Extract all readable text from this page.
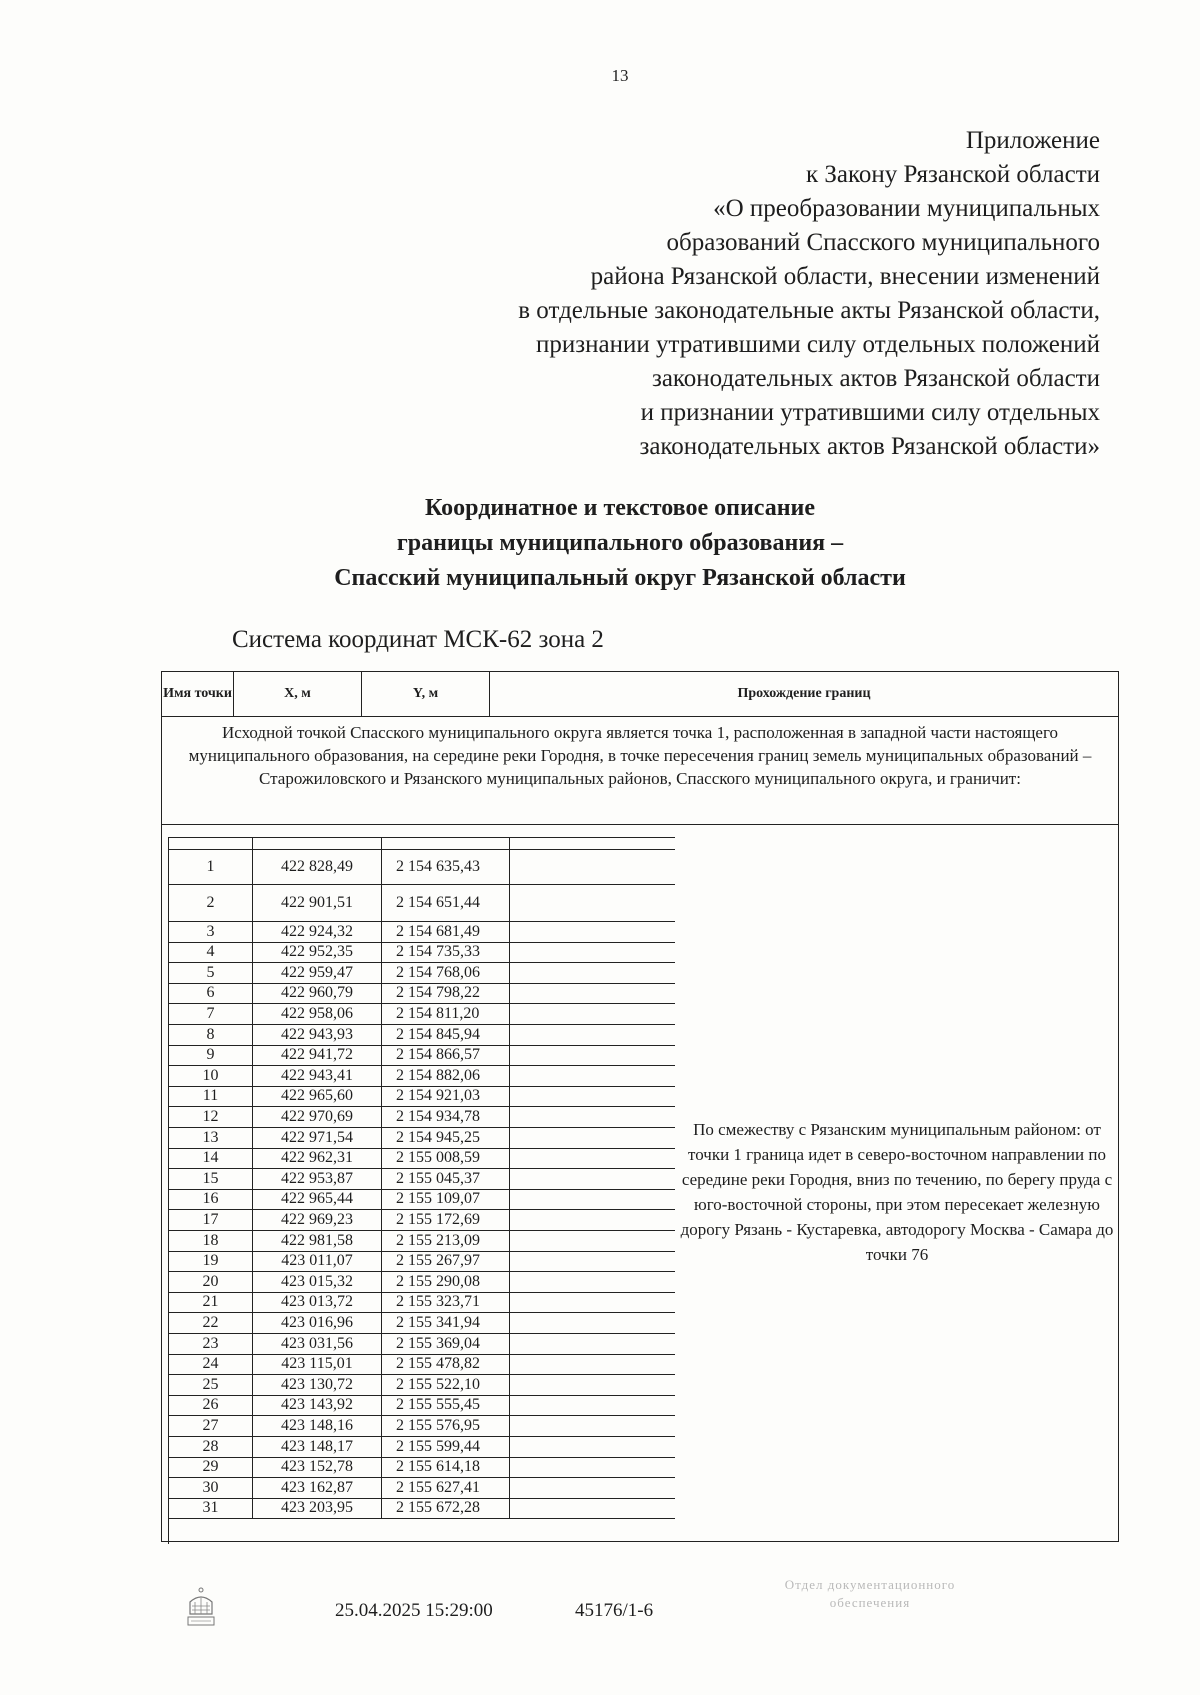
13
Приложение
к Закону Рязанской области
«О преобразовании муниципальных
образований Спасского муниципального
района Рязанской области, внесении изменений
в отдельные законодательные акты Рязанской области,
признании утратившими силу отдельных положений
законодательных актов Рязанской области
и признании утратившими силу отдельных
законодательных актов Рязанской области»
Координатное и текстовое описание
границы муниципального образования –
Спасский муниципальный округ Рязанской области
Система координат МСК-62 зона 2
Имя точки	X, м	Y, м	Прохождение границ
Исходной точкой Спасского муниципального округа является точка 1, расположенная в западной части настоящего муниципального образования, на середине реки Городня, в точке пересечения границ земель муниципальных образований – Старожиловского и Рязанского муниципальных районов, Спасского муниципального округа, и граничит:
1	422 828,49	2 154 635,43
2	422 901,51	2 154 651,44
3	422 924,32	2 154 681,49
4	422 952,35	2 154 735,33
5	422 959,47	2 154 768,06
6	422 960,79	2 154 798,22
7	422 958,06	2 154 811,20
8	422 943,93	2 154 845,94
9	422 941,72	2 154 866,57
10	422 943,41	2 154 882,06
11	422 965,60	2 154 921,03
12	422 970,69	2 154 934,78
13	422 971,54	2 154 945,25
14	422 962,31	2 155 008,59
15	422 953,87	2 155 045,37
16	422 965,44	2 155 109,07
17	422 969,23	2 155 172,69
18	422 981,58	2 155 213,09
19	423 011,07	2 155 267,97
20	423 015,32	2 155 290,08
21	423 013,72	2 155 323,71
22	423 016,96	2 155 341,94
23	423 031,56	2 155 369,04
24	423 115,01	2 155 478,82
25	423 130,72	2 155 522,10
26	423 143,92	2 155 555,45
27	423 148,16	2 155 576,95
28	423 148,17	2 155 599,44
29	423 152,78	2 155 614,18
30	423 162,87	2 155 627,41
31	423 203,95	2 155 672,28
По смежеству с Рязанским муниципальным районом: от точки 1 граница идет в северо-восточном направлении по середине реки Городня, вниз по течению, по берегу пруда с юго-восточной стороны, при этом пересекает железную дорогу Рязань - Кустаревка, автодорогу Москва - Самара до точки 76
25.04.2025 15:29:00	45176/1-6
Отдел документационного
обеспечения
